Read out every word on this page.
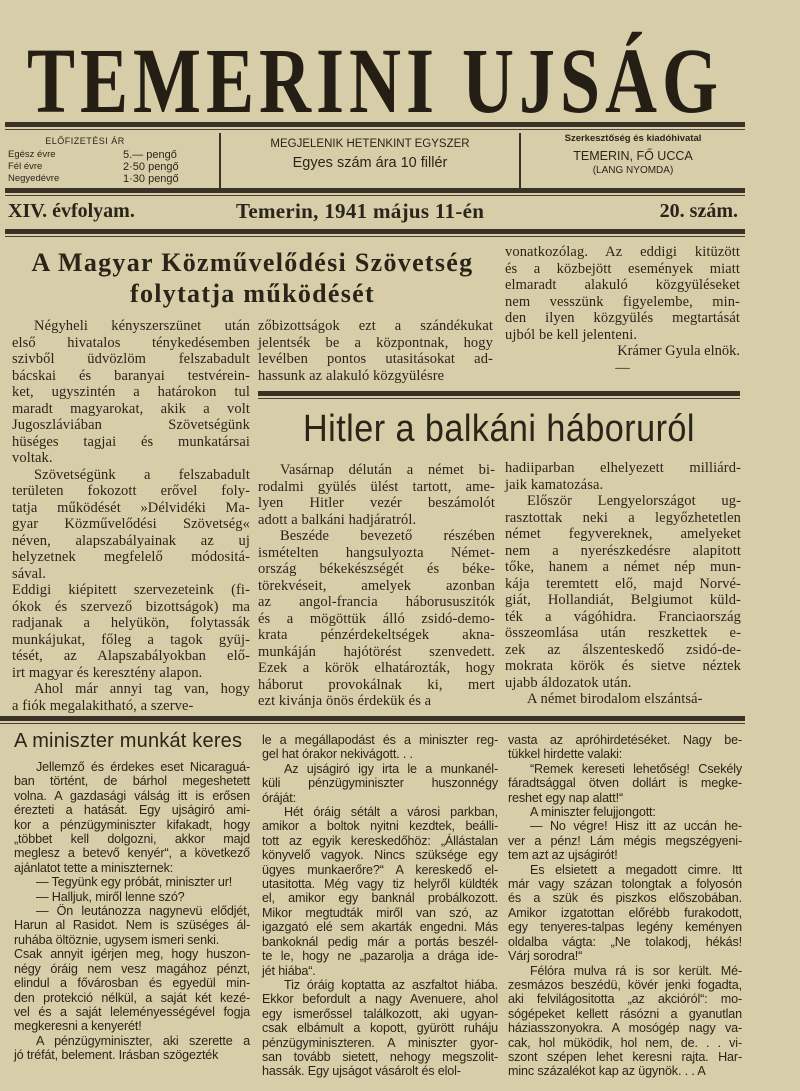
TEMERINI UJSÁG
ELŐFIZETÉSI ÁR
Egész évre	5.— pengő
Fél évre	2·50 pengő
Negyedévre	1·30 pengő
MEGJELENIK HETENKINT EGYSZER
Egyes szám ára 10 fillér
Szerkesztőség és kiadóhivatal
TEMERIN, FŐ UCCA
(LANG NYOMDA)
XIV. évfolyam.	Temerin, 1941 május 11-én	20. szám.
A Magyar Közművelődési Szövetség
folytatja működését
Négyheli kényszerszünet után
első hivatalos ténykedésemben
szivből üdvözlöm felszabadult
bácskai és baranyai testvérein-
ket, ugyszintén a határokon tul
maradt magyarokat, akik a volt
Jugoszláviában Szövetségünk
hüséges tagjai és munkatársai
voltak.
Szövetségünk a felszabadult
területen fokozott erővel foly-
tatja működését »Délvidéki Ma-
gyar Közművelődési Szövetség«
néven, alapszabályainak az uj
helyzetnek megfelelő módositá-
sával.
Eddigi kiépitett szervezeteink (fi-
ókok és szervező bizottságok) ma
radjanak a helyükön, folytassák
munkájukat, főleg a tagok gyüj-
tését, az Alapszabályokban elő-
irt magyar és keresztény alapon.
Ahol már annyi tag van, hogy
a fiók megalakitható, a szerve-
zőbizottságok ezt a szándékukat
jelentsék be a központnak, hogy
levélben pontos utasitásokat ad-
hassunk az alakuló közgyülésre
vonatkozólag. Az eddigi kitüzött
és a közbejött események miatt
elmaradt alakuló közgyüléseket
nem vesszünk figyelembe, min-
den ilyen közgyülés megtartását
ujból be kell jelenteni.
Krámer Gyula elnök.
—
Hitler a balkáni háboruról
Vasárnap délután a német bi-
rodalmi gyülés ülést tartott, ame-
lyen Hitler vezér beszámolót
adott a balkáni hadjáratról.
Beszéde bevezető részében
ismételten hangsulyozta Német-
ország békekészségét és béke-
törekvéseit, amelyek azonban
az angol-francia háborususzitók
és a mögöttük álló zsidó-demo-
krata pénzérdekeltségek akna-
munkáján hajótörést szenvedett.
Ezek a körök elhatározták, hogy
háborut provokálnak ki, mert
ezt kivánja önös érdekük és a
hadiiparban elhelyezett milliárd-
jaik kamatozása.
Először Lengyelországot ug-
rasztottak neki a legyőzhetetlen
német fegyvereknek, amelyeket
nem a nyerészkedésre alapitott
tőke, hanem a német nép mun-
kája teremtett elő, majd Norvé-
giát, Hollandiát, Belgiumot küld-
ték a vágóhidra. Franciaország
összeomlása után reszkettek e-
zek az álszenteskedő zsidó-de-
mokrata körök és sietve néztek
ujabb áldozatok után.
A német birodalom elszántsá-
A miniszter munkát keres
Jellemző és érdekes eset Nicaraguá-
ban történt, de bárhol megeshetett
volna. A gazdasági válság itt is erősen
érezteti a hatását. Egy ujságiró ami-
kor a pénzügyminiszter kifakadt, hogy
„többet kell dolgozni, akkor majd
meglesz a betevő kenyér“, a következő
ajánlatot tette a miniszternek:
— Tegyünk egy próbát, miniszter ur!
— Halljuk, miről lenne szó?
— Ön leutánozza nagynevü elődjét,
Harun al Rasidot. Nem is szüséges ál-
ruhába öltöznie, ugysem ismeri senki.
Csak annyit igérjen meg, hogy huszon-
négy óráig nem vesz magához pénzt,
elindul a fővárosban és egyedül min-
den protekció nélkül, a saját két kezé-
vel és a saját leleményességével fogja
megkeresni a kenyerét!
A pénzügyminiszter, aki szerette a
jó tréfát, belement. Irásban szögezték
le a megállapodást és a miniszter reg-
gel hat órakor nekivágott. . .
Az ujságiró igy irta le a munkanél-
küli pénzügyminiszter huszonnégy
óráját:
Hét óráig sétált a városi parkban,
amikor a boltok nyitni kezdtek, beálli-
tott az egyik kereskedőhöz: „Állástalan
könyvelő vagyok. Nincs szüksége egy
ügyes munkaerőre?“ A kereskedő el-
utasitotta. Még vagy tiz helyről küldték
el, amikor egy banknál probálkozott.
Mikor megtudták miről van szó, az
igazgató elé sem akarták engedni. Más
bankoknál pedig már a portás beszél-
te le, hogy ne „pazarolja a drága ide-
jét hiába“.
Tiz óráig koptatta az aszfaltot hiába.
Ekkor befordult a nagy Avenuere, ahol
egy ismerőssel találkozott, aki ugyan-
csak elbámult a kopott, gyürött ruháju
pénzügyminiszteren. A miniszter gyor-
san tovább sietett, nehogy megszolit-
hassák. Egy ujságot vásárolt és elol-
vasta az apróhirdetéséket. Nagy be-
tükkel hirdette valaki:
“Remek kereseti lehetőség! Csekély
fáradtsággal ötven dollárt is megke-
reshet egy nap alatt!“
A miniszter felujjongott:
— No végre! Hisz itt az uccán he-
ver a pénz! Lám mégis megszégyeni-
tem azt az ujságirót!
Es elsietett a megadott cimre. Itt
már vagy százan tolongtak a folyosón
és a szük és piszkos előszobában.
Amikor izgatottan előrébb furakodott,
egy tenyeres-talpas legény keményen
oldalba vágta: „Ne tolakodj, hékás!
Várj sorodra!“
Félóra mulva rá is sor került. Mé-
zesmázos beszédü, kövér jenki fogadta,
aki felvilágositotta „az akcióról“: mo-
sógépeket kellett rásózni a gyanutlan
háziasszonyokra. A mosógép nagy va-
cak, hol müködik, hol nem, de. . . vi-
szont szépen lehet keresni rajta. Har-
minc százalékot kap az ügynök. . . A
